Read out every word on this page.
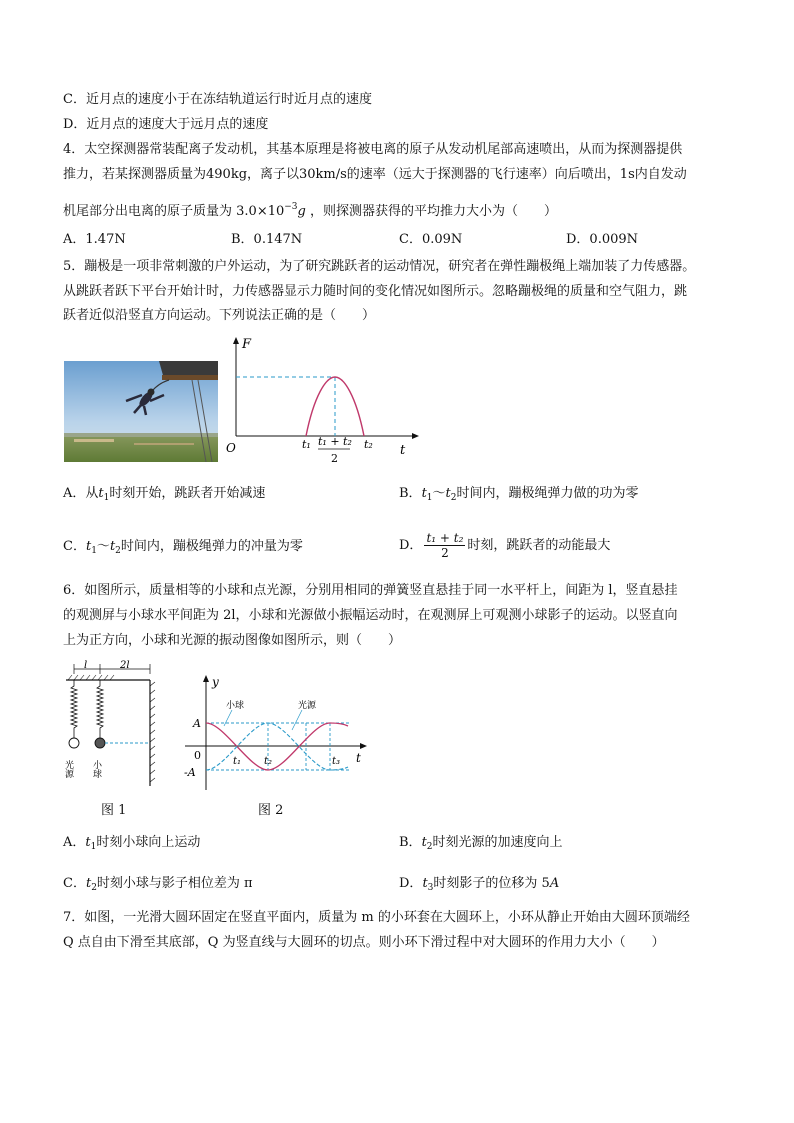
C．近月点的速度小于在冻结轨道运行时近月点的速度
D．近月点的速度大于远月点的速度
4．太空探测器常装配离子发动机，其基本原理是将被电离的原子从发动机尾部高速喷出，从而为探测器提供
推力，若某探测器质量为490kg，离子以30km/s的速率（远大于探测器的飞行速率）向后喷出，1s内自发动
机尾部分出电离的原子质量为 $3.0\times 10^{-3}g$ ，则探测器获得的平均推力大小为（　　）
A．1.47N	B．0.147N	C．0.09N	D．0.009N
5．蹦极是一项非常刺激的户外运动，为了研究跳跃者的运动情况，研究者在弹性蹦极绳上端加装了力传感器。
从跳跃者跃下平台开始计时，力传感器显示力随时间的变化情况如图所示。忽略蹦极绳的质量和空气阻力，跳
跃者近似沿竖直方向运动。下列说法正确的是（　　）
F
t
O	t₁	t₂
t₁ + t₂
2
A．从$t_1$时刻开始，跳跃者开始减速	B．$t_1\sim t_2$时间内，蹦极绳弹力做的功为零
C．$t_1\sim t_2$时间内，蹦极绳弹力的冲量为零	D． $\frac{\text{t₁ + t₂}}{2}$ 时刻，跳跃者的动能最大
6．如图所示，质量相等的小球和点光源，分别用相同的弹簧竖直悬挂于同一水平杆上，间距为 l，竖直悬挂
的观测屏与小球水平间距为 2l，小球和光源做小振幅运动时，在观测屏上可观测小球影子的运动。以竖直向
上为正方向，小球和光源的振动图像如图所示，则（　　）
l	2l
光源 小球
图 1
y
t
0
A
-A
小球	光源
t₁ t₂	t₃
图 2
A．$t_1$时刻小球向上运动	B．$t_2$时刻光源的加速度向上
C．$t_2$时刻小球与影子相位差为 π	D．$t_3$时刻影子的位移为 5A
7．如图，一光滑大圆环固定在竖直平面内，质量为 m 的小环套在大圆环上，小环从静止开始由大圆环顶端经
Q 点自由下滑至其底部，Q 为竖直线与大圆环的切点。则小环下滑过程中对大圆环的作用力大小（　　）
